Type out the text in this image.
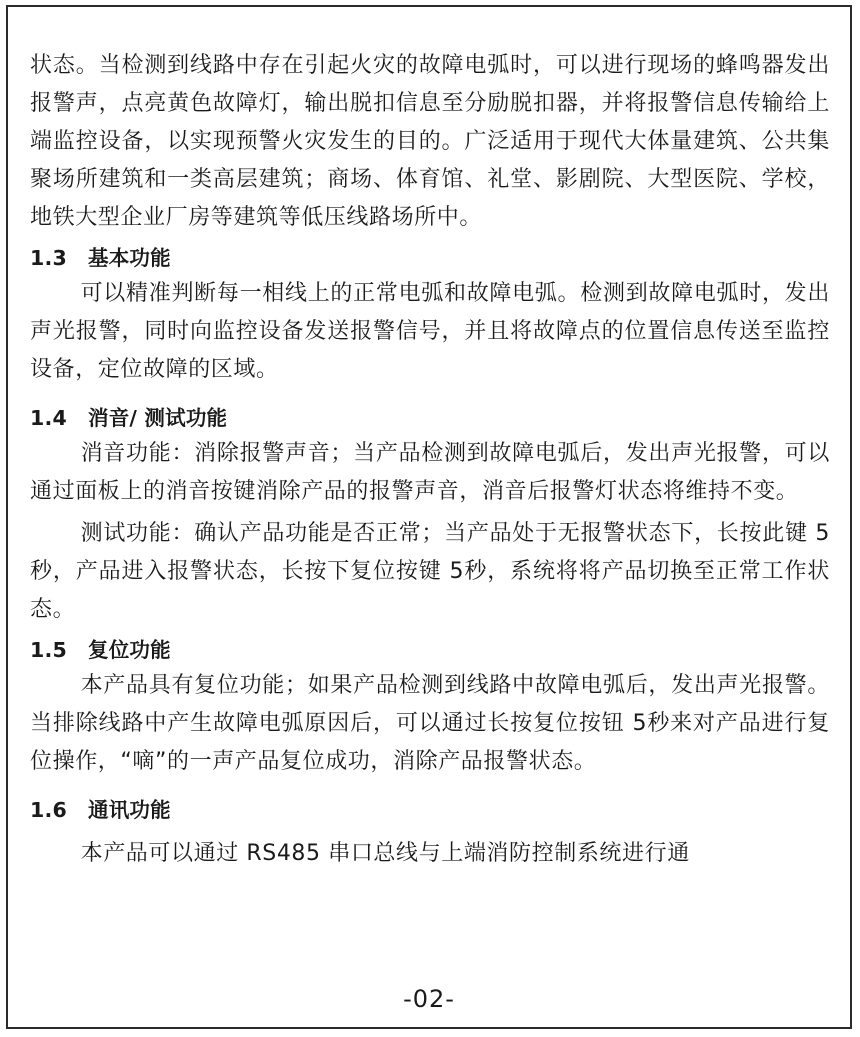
状态。当检测到线路中存在引起火灾的故障电弧时，可以进行现场的蜂鸣器发出报警声，点亮黄色故障灯，输出脱扣信息至分励脱扣器，并将报警信息传输给上端监控设备，以实现预警火灾发生的目的。广泛适用于现代大体量建筑、公共集聚场所建筑和一类高层建筑；商场、体育馆、礼堂、影剧院、大型医院、学校，地铁大型企业厂房等建筑等低压线路场所中。

1.3 基本功能

可以精准判断每一相线上的正常电弧和故障电弧。检测到故障电弧时，发出声光报警，同时向监控设备发送报警信号，并且将故障点的位置信息传送至监控设备，定位故障的区域。

1.4 消音/ 测试功能

消音功能：消除报警声音；当产品检测到故障电弧后，发出声光报警，可以通过面板上的消音按键消除产品的报警声音，消音后报警灯状态将维持不变。

测试功能：确认产品功能是否正常；当产品处于无报警状态下，长按此键 5秒，产品进入报警状态，长按下复位按键 5秒，系统将将产品切换至正常工作状态。

1.5 复位功能

本产品具有复位功能；如果产品检测到线路中故障电弧后，发出声光报警。当排除线路中产生故障电弧原因后，可以通过长按复位按钮 5秒来对产品进行复位操作，“嘀”的一声产品复位成功，消除产品报警状态。

1.6 通讯功能

本产品可以通过 RS485 串口总线与上端消防控制系统进行通

-02-
